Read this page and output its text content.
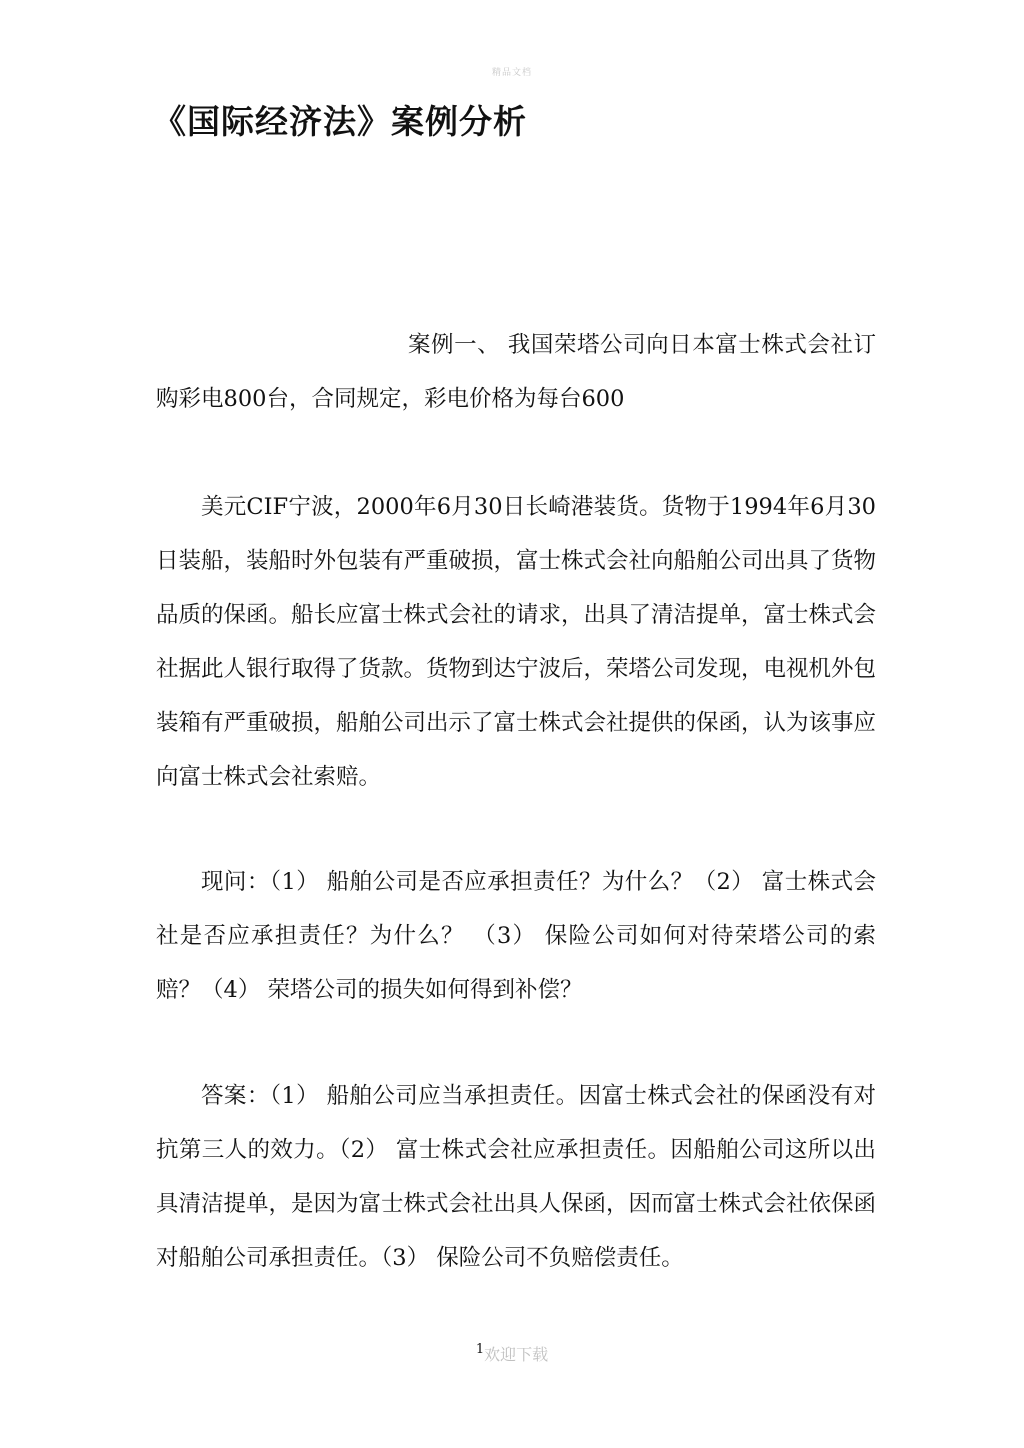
精品文档
《国际经济法》案例分析

案例一、 我国荣塔公司向日本富士株式会社订购彩电800台，合同规定，彩电价格为每台600

美元CIF宁波，2000年6月30日长崎港装货。货物于1994年6月30日装船，装船时外包装有严重破损，富士株式会社向船舶公司出具了货物品质的保函。船长应富士株式会社的请求，出具了清洁提单，富士株式会社据此人银行取得了货款。货物到达宁波后，荣塔公司发现，电视机外包装箱有严重破损，船舶公司出示了富士株式会社提供的保函，认为该事应向富士株式会社索赔。

现问：（1） 船舶公司是否应承担责任？为什么？（2） 富士株式会社是否应承担责任？为什么？ （3） 保险公司如何对待荣塔公司的索赔？（4） 荣塔公司的损失如何得到补偿？

答案：（1） 船舶公司应当承担责任。因富士株式会社的保函没有对抗第三人的效力。（2） 富士株式会社应承担责任。因船舶公司这所以出具清洁提单，是因为富士株式会社出具人保函，因而富士株式会社依保函对船舶公司承担责任。（3） 保险公司不负赔偿责任。

$^1$欢迎下载
